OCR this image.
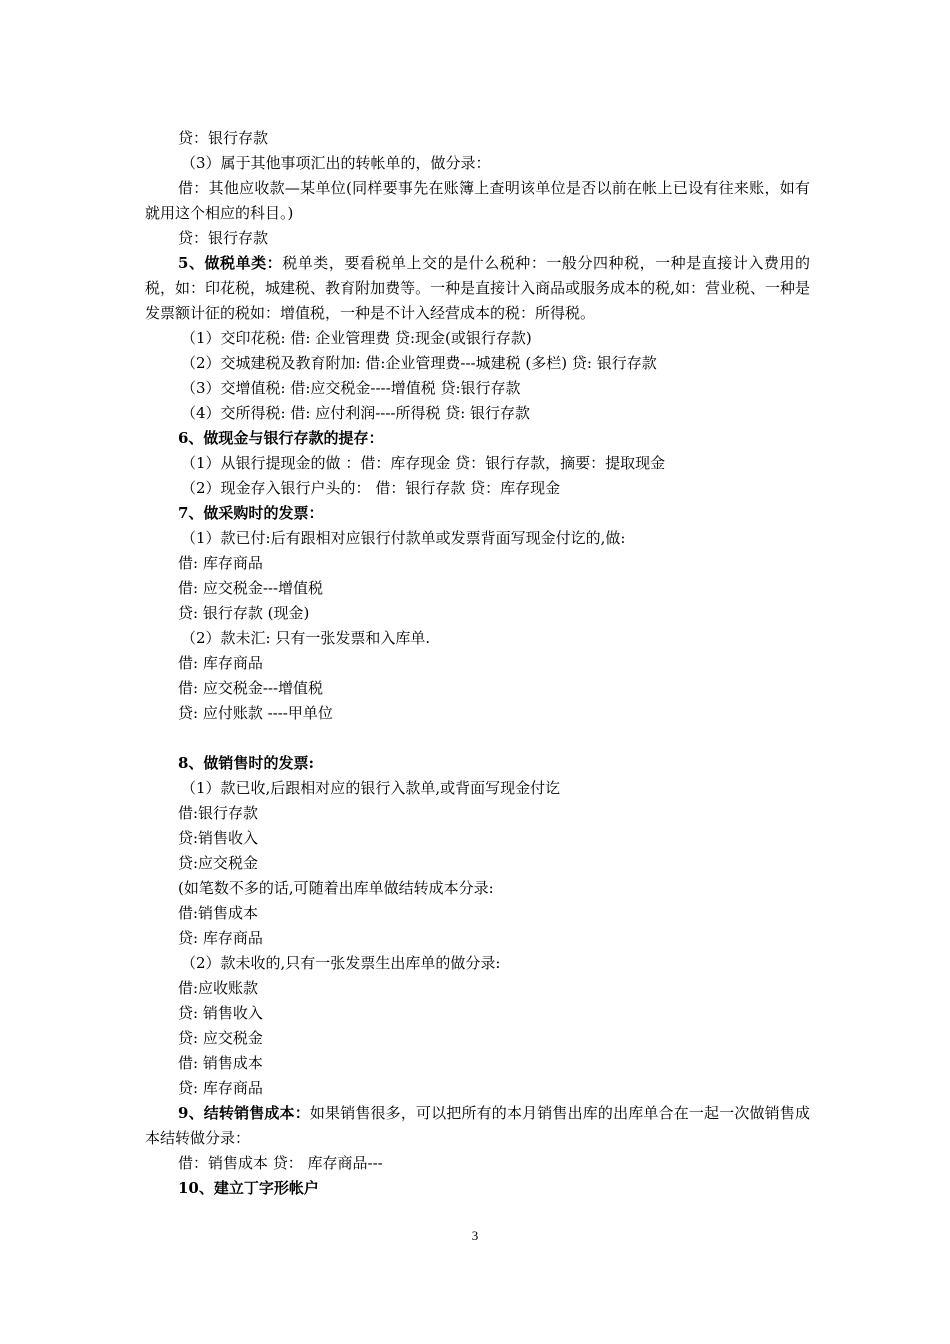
贷：银行存款
（3）属于其他事项汇出的转帐单的，做分录：
借：其他应收款—某单位(同样要事先在账簿上查明该单位是否以前在帐上已设有往来账，如有就用这个相应的科目。)
贷：银行存款
5、做税单类：税单类，要看税单上交的是什么税种：一般分四种税，一种是直接计入费用的税，如：印花税，城建税、教育附加费等。一种是直接计入商品或服务成本的税,如：营业税、一种是发票额计征的税如：增值税，一种是不计入经营成本的税：所得税。
（1）交印花税: 借: 企业管理费 贷:现金(或银行存款)
（2）交城建税及教育附加: 借:企业管理费---城建税 (多栏) 贷: 银行存款
（3）交增值税: 借:应交税金----增值税 贷:银行存款
（4）交所得税: 借: 应付利润----所得税 贷: 银行存款
6、做现金与银行存款的提存：
（1）从银行提现金的做 ：借：库存现金 贷：银行存款，摘要：提取现金
（2）现金存入银行户头的： 借：银行存款 贷：库存现金
7、做采购时的发票：
（1）款已付:后有跟相对应银行付款单或发票背面写现金付讫的,做:
借: 库存商品
借: 应交税金---增值税
贷: 银行存款 (现金)
（2）款未汇: 只有一张发票和入库单.
借: 库存商品
借: 应交税金---增值税
贷: 应付账款 ----甲单位
8、做销售时的发票:
（1）款已收,后跟相对应的银行入款单,或背面写现金付讫
借:银行存款
贷:销售收入
贷:应交税金
(如笔数不多的话,可随着出库单做结转成本分录:
借:销售成本
贷: 库存商品
（2）款未收的,只有一张发票生出库单的做分录:
借:应收账款
贷: 销售收入
贷: 应交税金
借: 销售成本
贷: 库存商品
9、结转销售成本：如果销售很多，可以把所有的本月销售出库的出库单合在一起一次做销售成本结转做分录：
借：销售成本 贷： 库存商品---
10、建立丁字形帐户
3
